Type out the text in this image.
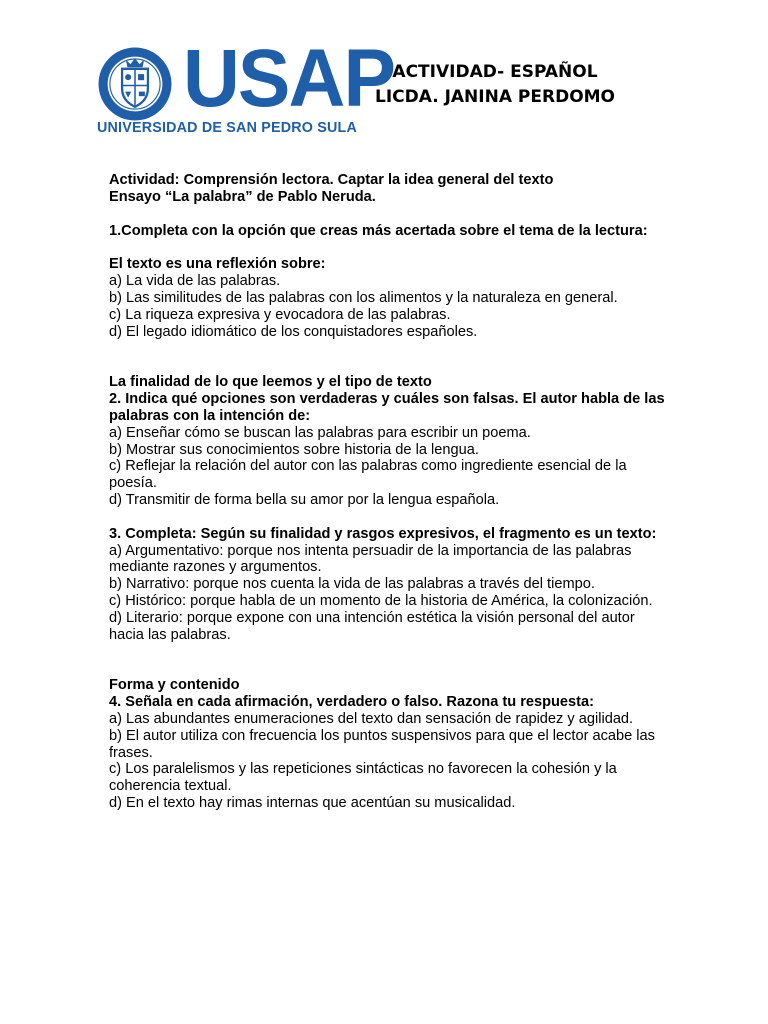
USAP
UNIVERSIDAD DE SAN PEDRO SULA
ACTIVIDAD- ESPAÑOL
LICDA. JANINA PERDOMO

Actividad: Comprensión lectora. Captar la idea general del texto

Ensayo “La palabra” de Pablo Neruda.

1.Completa con la opción que creas más acertada sobre el tema de la lectura:

El texto es una reflexión sobre:

a) La vida de las palabras.

b) Las similitudes de las palabras con los alimentos y la naturaleza en general.

c) La riqueza expresiva y evocadora de las palabras.

d) El legado idiomático de los conquistadores españoles.

La finalidad de lo que leemos y el tipo de texto

2. Indica qué opciones son verdaderas y cuáles son falsas. El autor habla de las palabras con la intención de:

a) Enseñar cómo se buscan las palabras para escribir un poema.

b) Mostrar sus conocimientos sobre historia de la lengua.

c) Reflejar la relación del autor con las palabras como ingrediente esencial de la poesía.

d) Transmitir de forma bella su amor por la lengua española.

3. Completa: Según su finalidad y rasgos expresivos, el fragmento es un texto:

a) Argumentativo: porque nos intenta persuadir de la importancia de las palabras mediante razones y argumentos.

b) Narrativo: porque nos cuenta la vida de las palabras a través del tiempo.

c) Histórico: porque habla de un momento de la historia de América, la colonización.

d) Literario: porque expone con una intención estética la visión personal del autor hacia las palabras.

Forma y contenido

4. Señala en cada afirmación, verdadero o falso. Razona tu respuesta:

a) Las abundantes enumeraciones del texto dan sensación de rapidez y agilidad.

b) El autor utiliza con frecuencia los puntos suspensivos para que el lector acabe las frases.

c) Los paralelismos y las repeticiones sintácticas no favorecen la cohesión y la coherencia textual.

d) En el texto hay rimas internas que acentúan su musicalidad.
